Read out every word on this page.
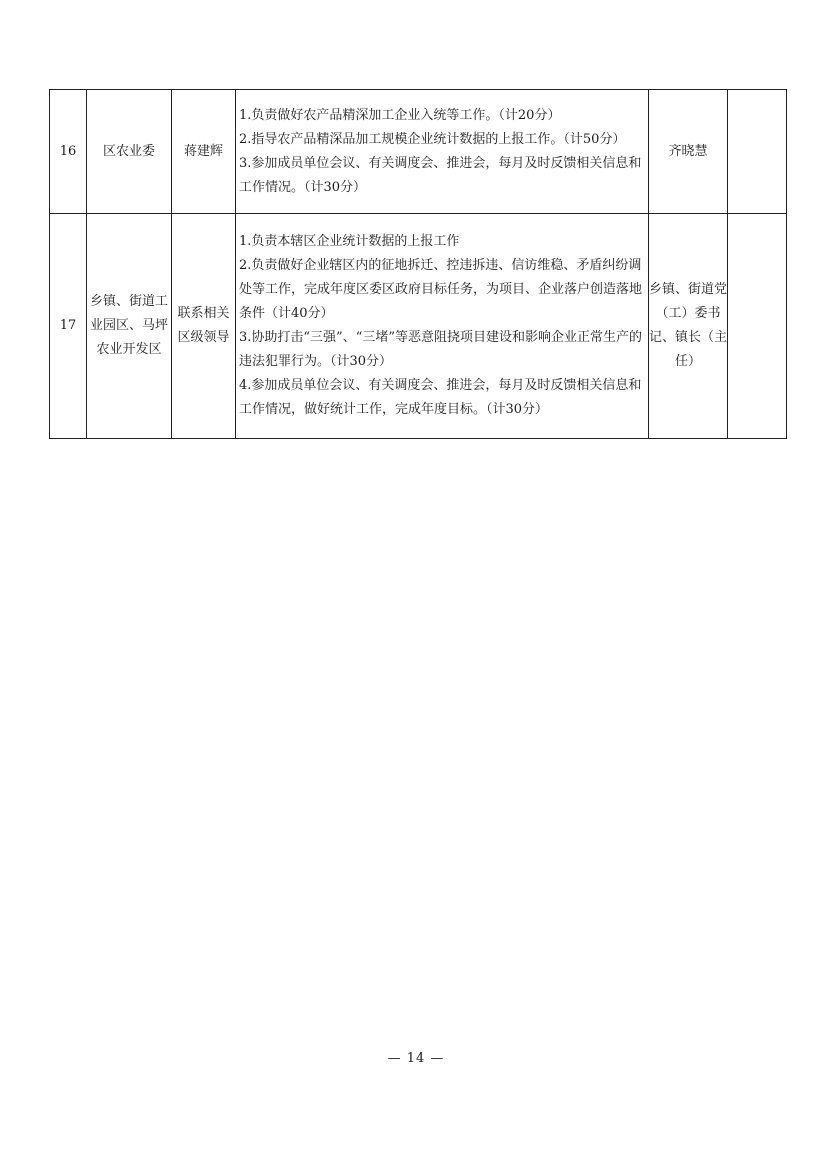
16	区农业委	蒋建辉	1.负责做好农产品精深加工企业入统等工作。（计20分）

2.指导农产品精深品加工规模企业统计数据的上报工作。（计50分）

3.参加成员单位会议、有关调度会、推进会，每月及时反馈相关信息和工作情况。（计30分）	齐晓慧	
17	乡镇、街道工业园区、马坪农业开发区	联系相关区级领导	1.负责本辖区企业统计数据的上报工作

2.负责做好企业辖区内的征地拆迁、控违拆违、信访维稳、矛盾纠纷调处等工作，完成年度区委区政府目标任务，为项目、企业落户创造落地条件（计40分）

3.协助打击“三强”、“三堵”等恶意阻挠项目建设和影响企业正常生产的违法犯罪行为。（计30分）

4.参加成员单位会议、有关调度会、推进会，每月及时反馈相关信息和工作情况，做好统计工作，完成年度目标。（计30分）	乡镇、街道党（工）委书记、镇长（主任）	
— 14 —
